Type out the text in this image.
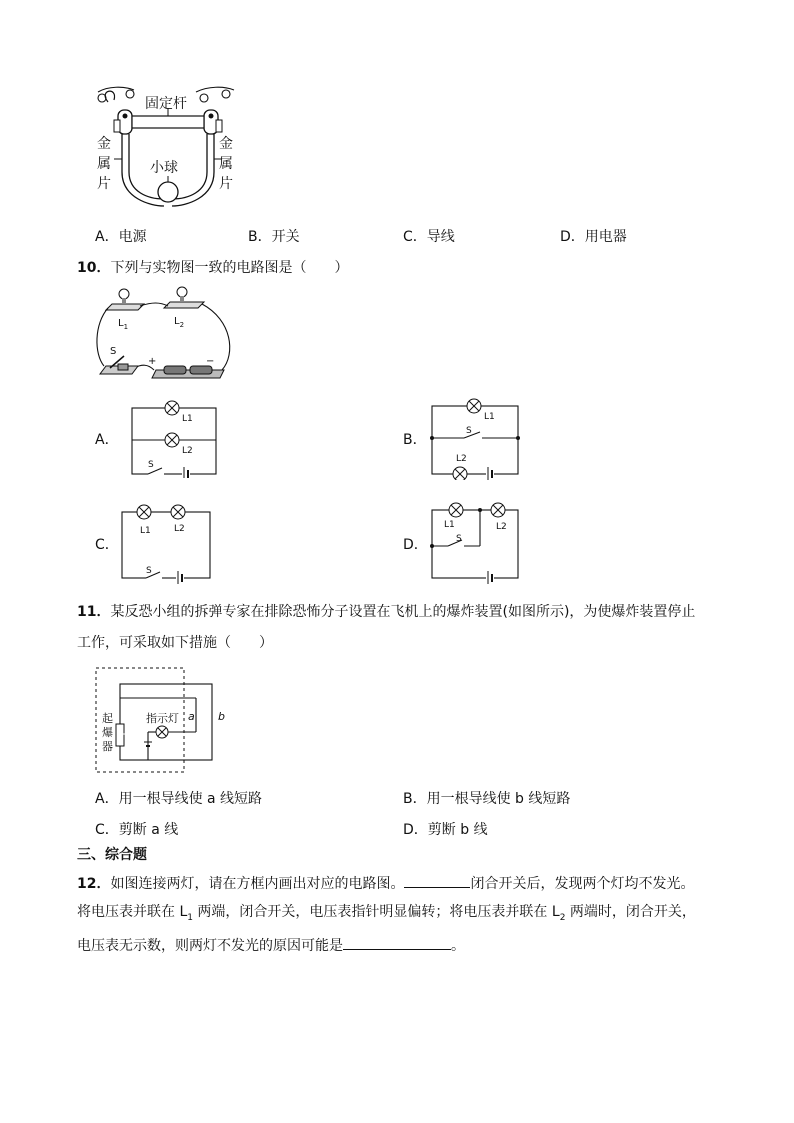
固定杆
小球
金
属
片
金
属
片
A．电源	B．开关	C．导线	D．用电器
10．下列与实物图一致的电路图是（　　）
$L_1$	$L_2$
S
+	−
A．
L1
L2
S
B．
L1
S
L2
C．
L1	L2
S
D．
L1	L2
S
11．某反恐小组的拆弹专家在排除恐怖分子设置在飞机上的爆炸装置(如图所示)，为使爆炸装置停止
工作，可采取如下措施（　　）
起
爆
器
指示灯 a b
A．用一根导线使 a 线短路	B．用一根导线使 b 线短路
C．剪断 a 线	D．剪断 b 线
三、综合题
12．如图连接两灯，请在方框内画出对应的电路图。	闭合开关后，发现两个灯均不发光。
将电压表并联在 $L_1$ 两端，闭合开关，电压表指针明显偏转；将电压表并联在 $L_2$ 两端时，闭合开关，
电压表无示数，则两灯不发光的原因可能是	。
